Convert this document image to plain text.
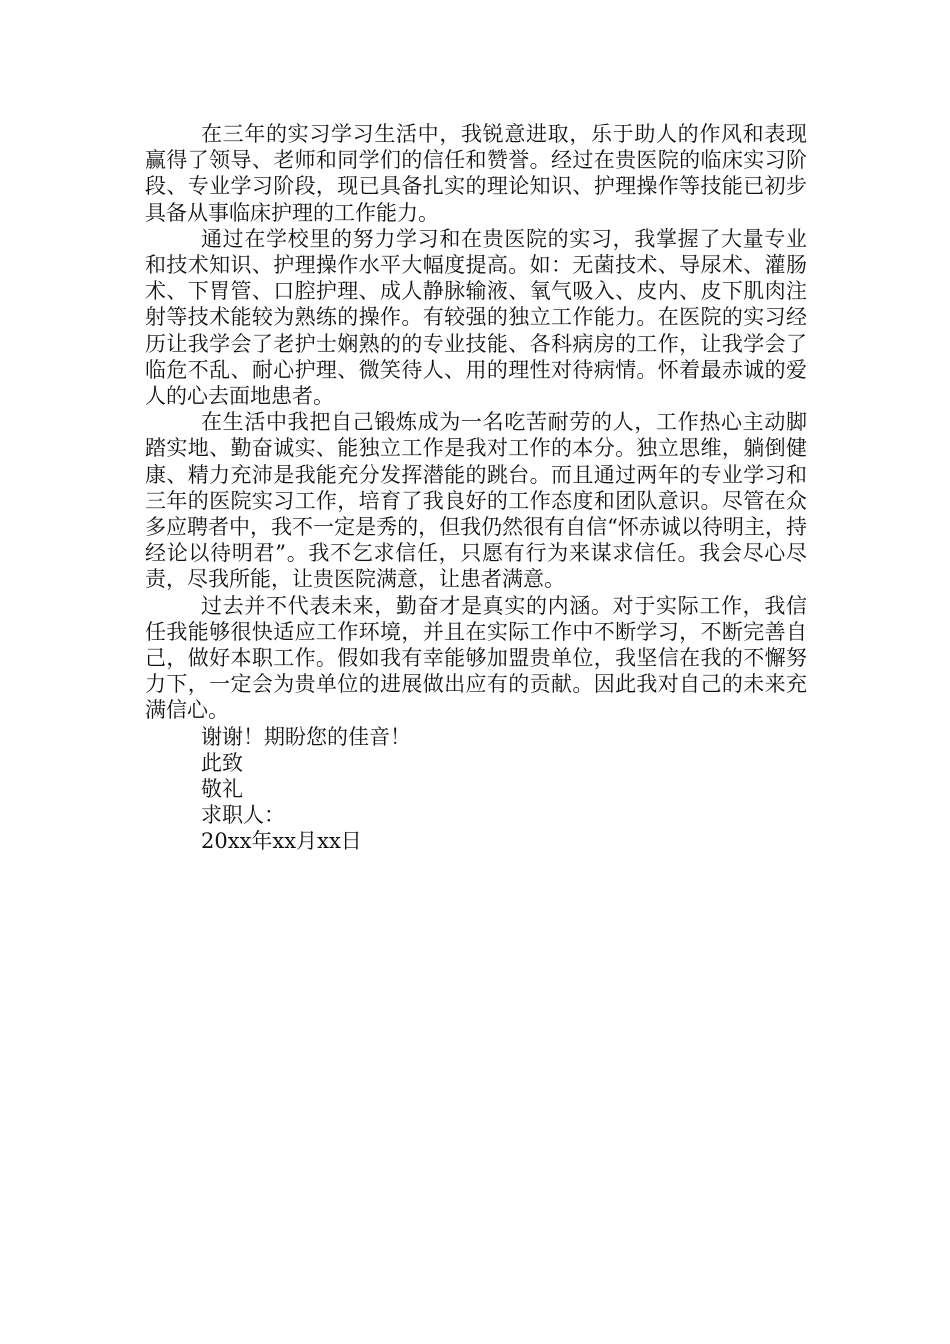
在三年的实习学习生活中，我锐意进取，乐于助人的作风和表现赢得了领导、老师和同学们的信任和赞誉。经过在贵医院的临床实习阶段、专业学习阶段，现已具备扎实的理论知识、护理操作等技能已初步具备从事临床护理的工作能力。

通过在学校里的努力学习和在贵医院的实习，我掌握了大量专业和技术知识、护理操作水平大幅度提高。如：无菌技术、导尿术、灌肠术、下胃管、口腔护理、成人静脉输液、氧气吸入、皮内、皮下肌肉注射等技术能较为熟练的操作。有较强的独立工作能力。在医院的实习经历让我学会了老护士娴熟的的专业技能、各科病房的工作，让我学会了临危不乱、耐心护理、微笑待人、用的理性对待病情。怀着最赤诚的爱人的心去面地患者。

在生活中我把自己锻炼成为一名吃苦耐劳的人，工作热心主动脚踏实地、勤奋诚实、能独立工作是我对工作的本分。独立思维，躺倒健康、精力充沛是我能充分发挥潜能的跳台。而且通过两年的专业学习和三年的医院实习工作，培育了我良好的工作态度和团队意识。尽管在众多应聘者中，我不一定是秀的，但我仍然很有自信“怀赤诚以待明主，持经论以待明君”。我不乞求信任，只愿有行为来谋求信任。我会尽心尽责，尽我所能，让贵医院满意，让患者满意。

过去并不代表未来，勤奋才是真实的内涵。对于实际工作，我信任我能够很快适应工作环境，并且在实际工作中不断学习，不断完善自己，做好本职工作。假如我有幸能够加盟贵单位，我坚信在我的不懈努力下，一定会为贵单位的进展做出应有的贡献。因此我对自己的未来充满信心。

谢谢！期盼您的佳音！

此致

敬礼

求职人：

20xx年xx月xx日
